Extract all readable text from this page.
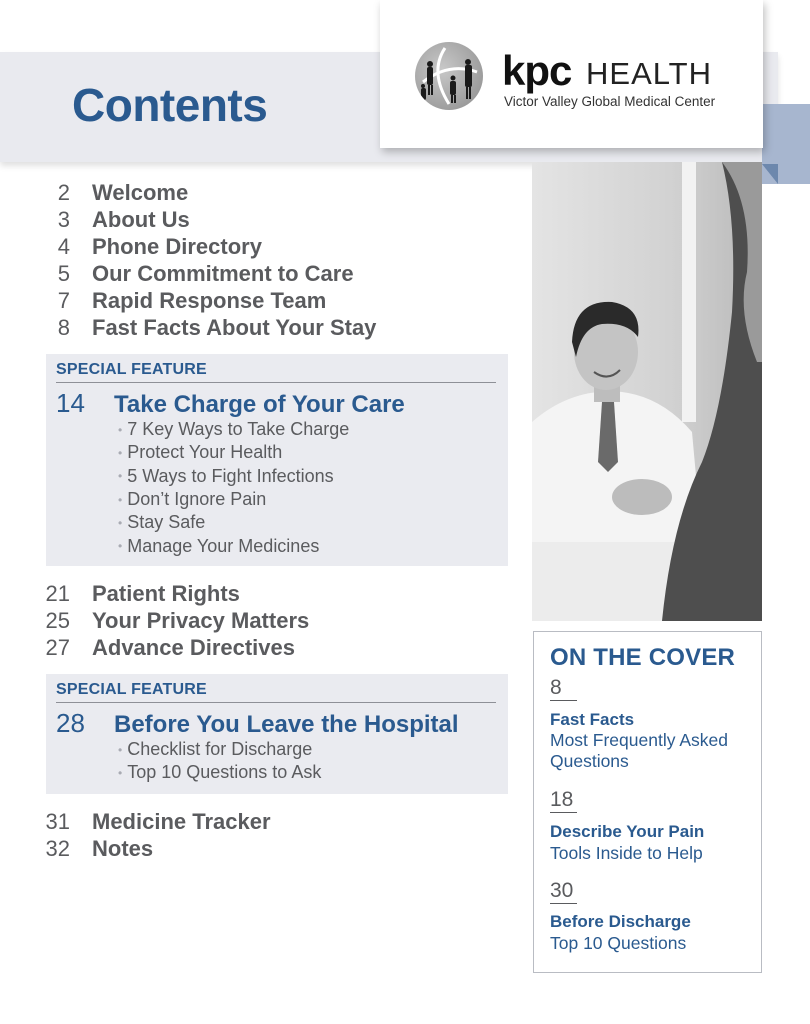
Contents
kpc HEALTH
Victor Valley Global Medical Center
2	Welcome
3	About Us
4	Phone Directory
5	Our Commitment to Care
7	Rapid Response Team
8	Fast Facts About Your Stay
SPECIAL FEATURE
14 Take Charge of Your Care
• 7 Key Ways to Take Charge
• Protect Your Health
• 5 Ways to Fight Infections
• Don’t Ignore Pain
• Stay Safe
• Manage Your Medicines
21	Patient Rights
25	Your Privacy Matters
27	Advance Directives
SPECIAL FEATURE
28 Before You Leave the Hospital
• Checklist for Discharge
• Top 10 Questions to Ask
31	Medicine Tracker
32	Notes
ON THE COVER
8
Fast Facts
Most Frequently Asked Questions
18
Describe Your Pain
Tools Inside to Help
30
Before Discharge
Top 10 Questions
